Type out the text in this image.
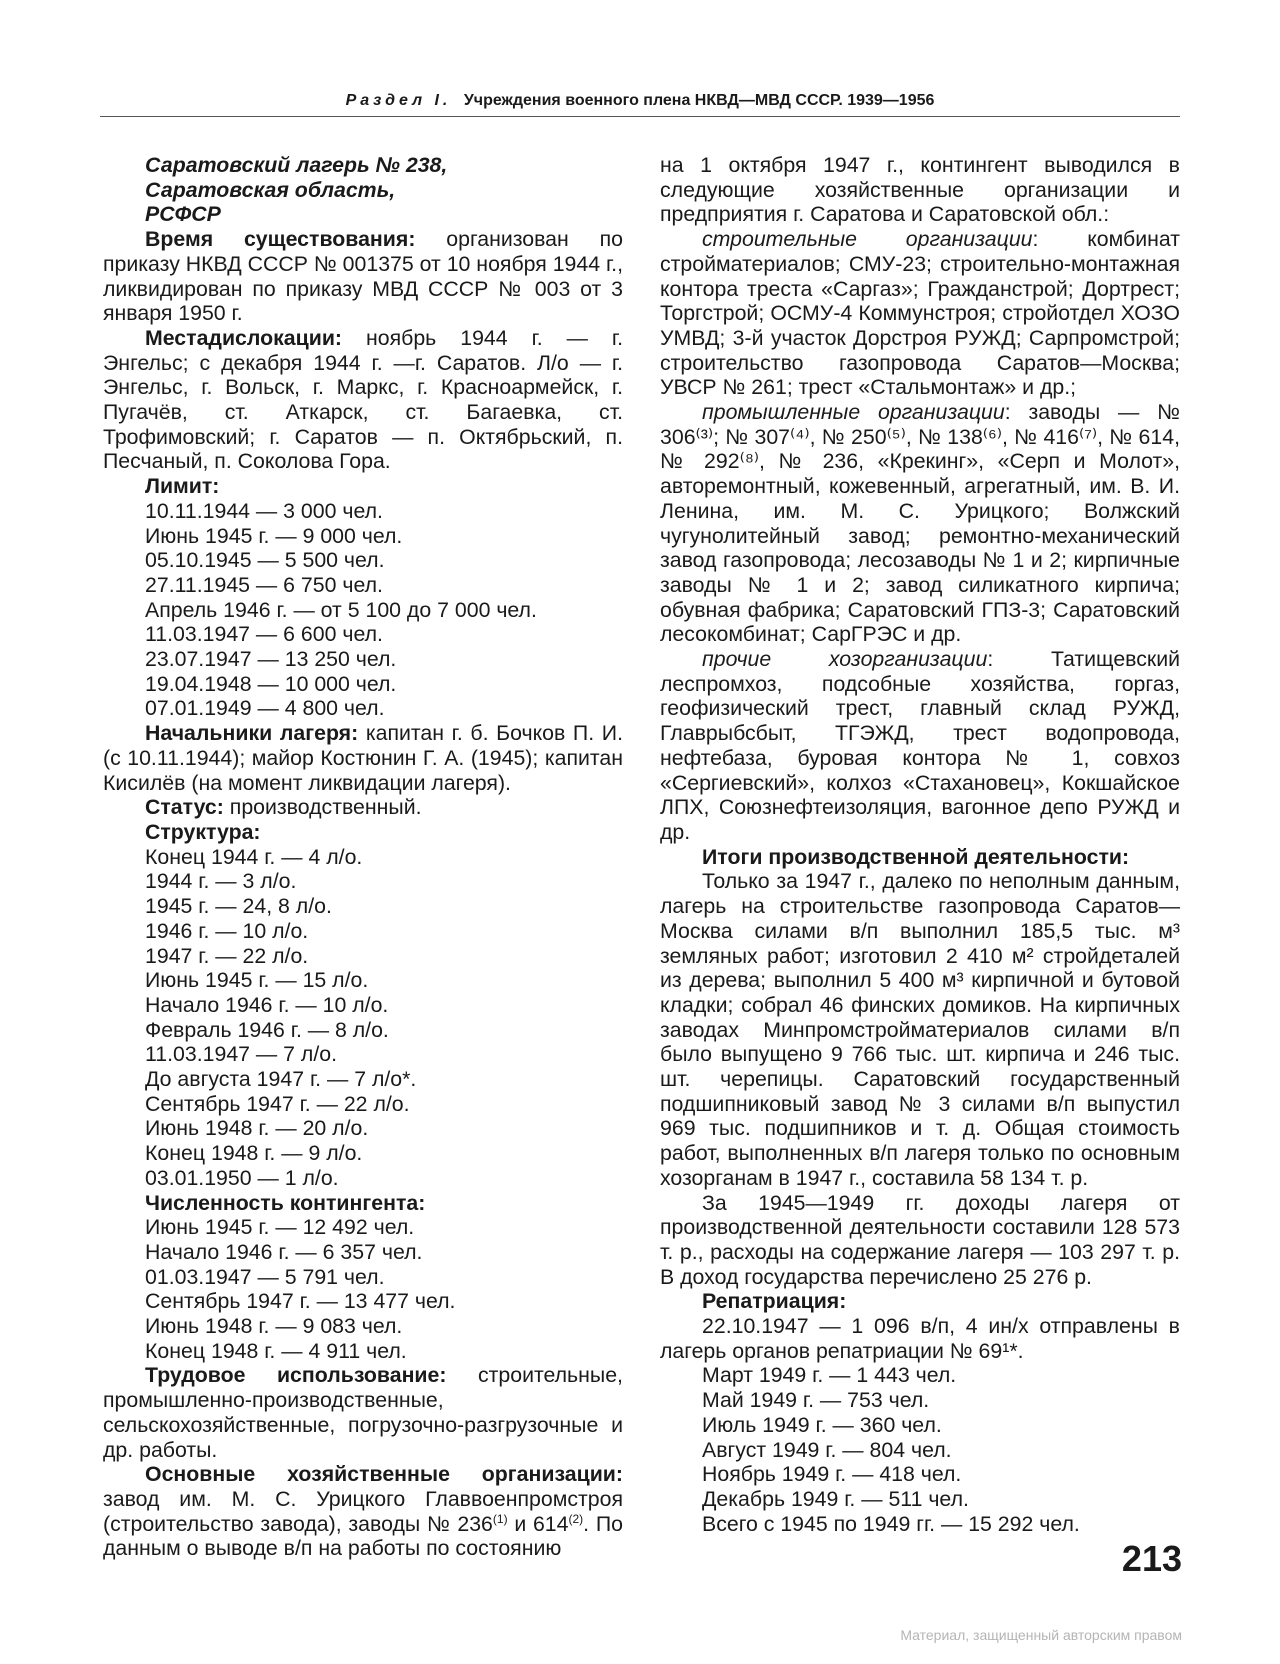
Раздел I. Учреждения военного плена НКВД—МВД СССР. 1939—1956

Саратовский лагерь № 238,

Саратовская область,

РСФСР

Время существования: организован по приказу НКВД СССР № 001375 от 10 ноября 1944 г., ликвидирован по приказу МВД СССР № 003 от 3 января 1950 г.

Местадислокации: ноябрь 1944 г. — г. Энгельс; с декабря 1944 г. —г. Саратов. Л/о — г. Энгельс, г. Вольск, г. Маркс, г. Красноармейск, г. Пугачёв, ст. Аткарск, ст. Багаевка, ст. Трофимовский; г. Саратов — п. Октябрьский, п. Песчаный, п. Соколова Гора.

Лимит:

10.11.1944 — 3 000 чел.
Июнь 1945 г. — 9 000 чел.
05.10.1945 — 5 500 чел.
27.11.1945 — 6 750 чел.
Апрель 1946 г. — от 5 100 до 7 000 чел.
11.03.1947 — 6 600 чел.
23.07.1947 — 13 250 чел.
19.04.1948 — 10 000 чел.
07.01.1949 — 4 800 чел.

Начальники лагеря: капитан г. б. Бочков П. И. (с 10.11.1944); майор Костюнин Г. А. (1945); капитан Кисилёв (на момент ликвидации лагеря).

Статус: производственный.

Структура:

Конец 1944 г. — 4 л/о.
1944 г. — 3 л/о.
1945 г. — 24, 8 л/о.
1946 г. — 10 л/о.
1947 г. — 22 л/о.
Июнь 1945 г. — 15 л/о.
Начало 1946 г. — 10 л/о.
Февраль 1946 г. — 8 л/о.
11.03.1947 — 7 л/о.
До августа 1947 г. — 7 л/о*.
Сентябрь 1947 г. — 22 л/о.
Июнь 1948 г. — 20 л/о.
Конец 1948 г. — 9 л/о.
03.01.1950 — 1 л/о.

Численность контингента:

Июнь 1945 г. — 12 492 чел.
Начало 1946 г. — 6 357 чел.
01.03.1947 — 5 791 чел.
Сентябрь 1947 г. — 13 477 чел.
Июнь 1948 г. — 9 083 чел.
Конец 1948 г. — 4 911 чел.

Трудовое использование: строительные, промышленно-производственные, сельскохозяйственные, погрузочно-разгрузочные и др. работы.

Основные хозяйственные организации: завод им. М. С. Урицкого Главвоенпромстроя (строительство завода), заводы № 236$^{(1)}$ и 614$^{(2)}$. По данным о выводе в/п на работы по состоянию

на 1 октября 1947 г., контингент выводился в следующие хозяйственные организации и предприятия г. Саратова и Саратовской обл.:

строительные организации: комбинат стройматериалов; СМУ-23; строительно-монтажная контора треста «Саргаз»; Гражданстрой; Дортрест; Торгстрой; ОСМУ-4 Коммунстроя; стройотдел ХОЗО УМВД; 3-й участок Дорстроя РУЖД; Сарпромстрой; строительство газопровода Саратов—Москва; УВСР № 261; трест «Стальмонтаж» и др.;

промышленные организации: заводы — № 306⁽³⁾; № 307⁽⁴⁾, № 250⁽⁵⁾, № 138⁽⁶⁾, № 416⁽⁷⁾, № 614, № 292⁽⁸⁾, № 236, «Крекинг», «Серп и Молот», авторемонтный, кожевенный, агрегатный, им. В. И. Ленина, им. М. С. Урицкого; Волжский чугунолитейный завод; ремонтно-механический завод газопровода; лесозаводы № 1 и 2; кирпичные заводы № 1 и 2; завод силикатного кирпича; обувная фабрика; Саратовский ГПЗ-3; Саратовский лесокомбинат; СарГРЭС и др.

прочие хозорганизации: Татищевский леспромхоз, подсобные хозяйства, горгаз, геофизический трест, главный склад РУЖД, Главрыбсбыт, ТГЭЖД, трест водопровода, нефтебаза, буровая контора № 1, совхоз «Сергиевский», колхоз «Стахановец», Кокшайское ЛПХ, Союзнефтеизоляция, вагонное депо РУЖД и др.

Итоги производственной деятельности:

Только за 1947 г., далеко по неполным данным, лагерь на строительстве газопровода Саратов—Москва силами в/п выполнил 185,5 тыс. м³ земляных работ; изготовил 2 410 м² стройдеталей из дерева; выполнил 5 400 м³ кирпичной и бутовой кладки; собрал 46 финских домиков. На кирпичных заводах Минпромстройматериалов силами в/п было выпущено 9 766 тыс. шт. кирпича и 246 тыс. шт. черепицы. Саратовский государственный подшипниковый завод № 3 силами в/п выпустил 969 тыс. подшипников и т. д. Общая стоимость работ, выполненных в/п лагеря только по основным хозорганам в 1947 г., составила 58 134 т. р.

За 1945—1949 гг. доходы лагеря от производственной деятельности составили 128 573 т. р., расходы на содержание лагеря — 103 297 т. р. В доход государства перечислено 25 276 р.

Репатриация:

22.10.1947 — 1 096 в/п, 4 ин/х отправлены в лагерь органов репатриации № 69¹*.

Март 1949 г. — 1 443 чел.
Май 1949 г. — 753 чел.
Июль 1949 г. — 360 чел.
Август 1949 г. — 804 чел.
Ноябрь 1949 г. — 418 чел.
Декабрь 1949 г. — 511 чел.
Всего с 1945 по 1949 гг. — 15 292 чел.
213
Материал, защищенный авторским правом
